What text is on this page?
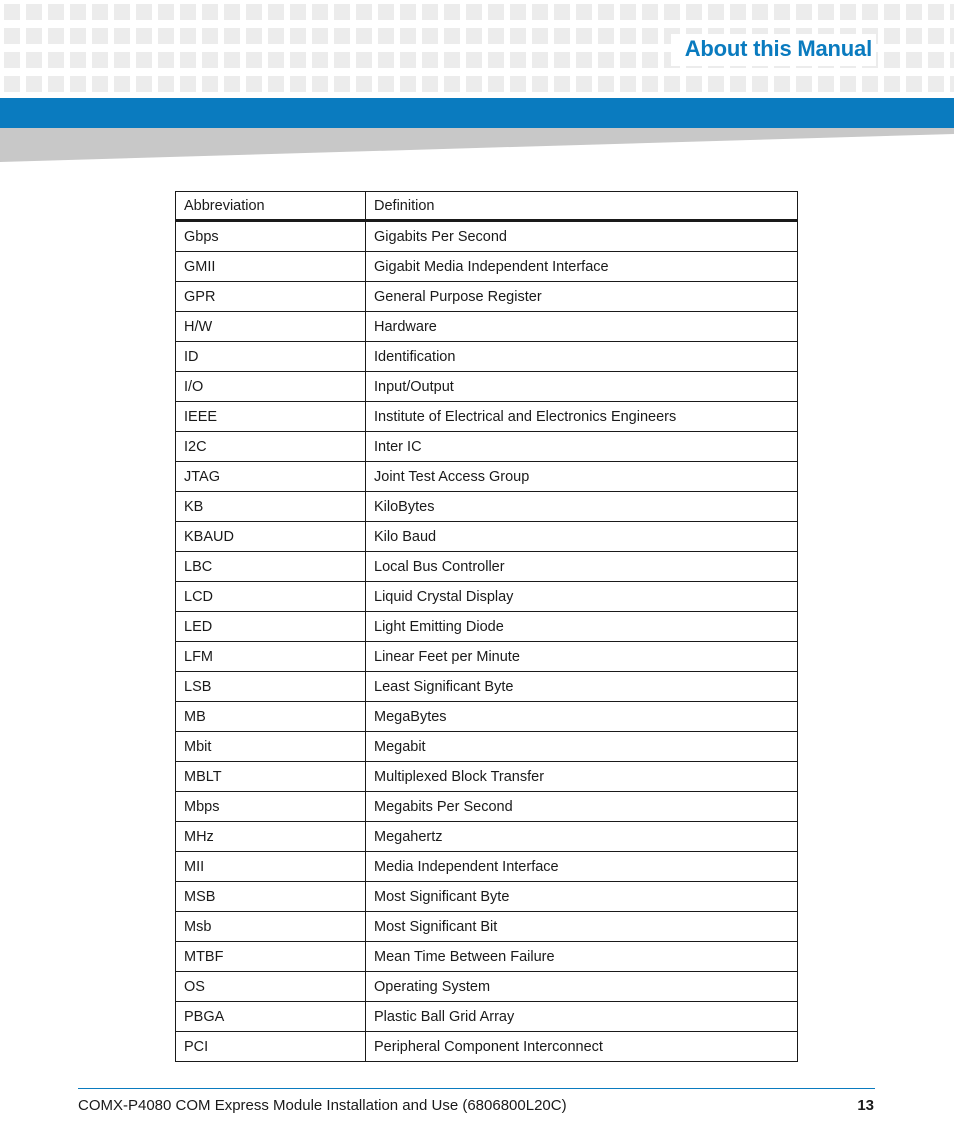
About this Manual
Abbreviation	Definition
Gbps	Gigabits Per Second
GMII	Gigabit Media Independent Interface
GPR	General Purpose Register
H/W	Hardware
ID	Identification
I/O	Input/Output
IEEE	Institute of Electrical and Electronics Engineers
I2C	Inter IC
JTAG	Joint Test Access Group
KB	KiloBytes
KBAUD	Kilo Baud
LBC	Local Bus Controller
LCD	Liquid Crystal Display
LED	Light Emitting Diode
LFM	Linear Feet per Minute
LSB	Least Significant Byte
MB	MegaBytes
Mbit	Megabit
MBLT	Multiplexed Block Transfer
Mbps	Megabits Per Second
MHz	Megahertz
MII	Media Independent Interface
MSB	Most Significant Byte
Msb	Most Significant Bit
MTBF	Mean Time Between Failure
OS	Operating System
PBGA	Plastic Ball Grid Array
PCI	Peripheral Component Interconnect
COMX-P4080 COM Express Module Installation and Use (6806800L20C)	13
